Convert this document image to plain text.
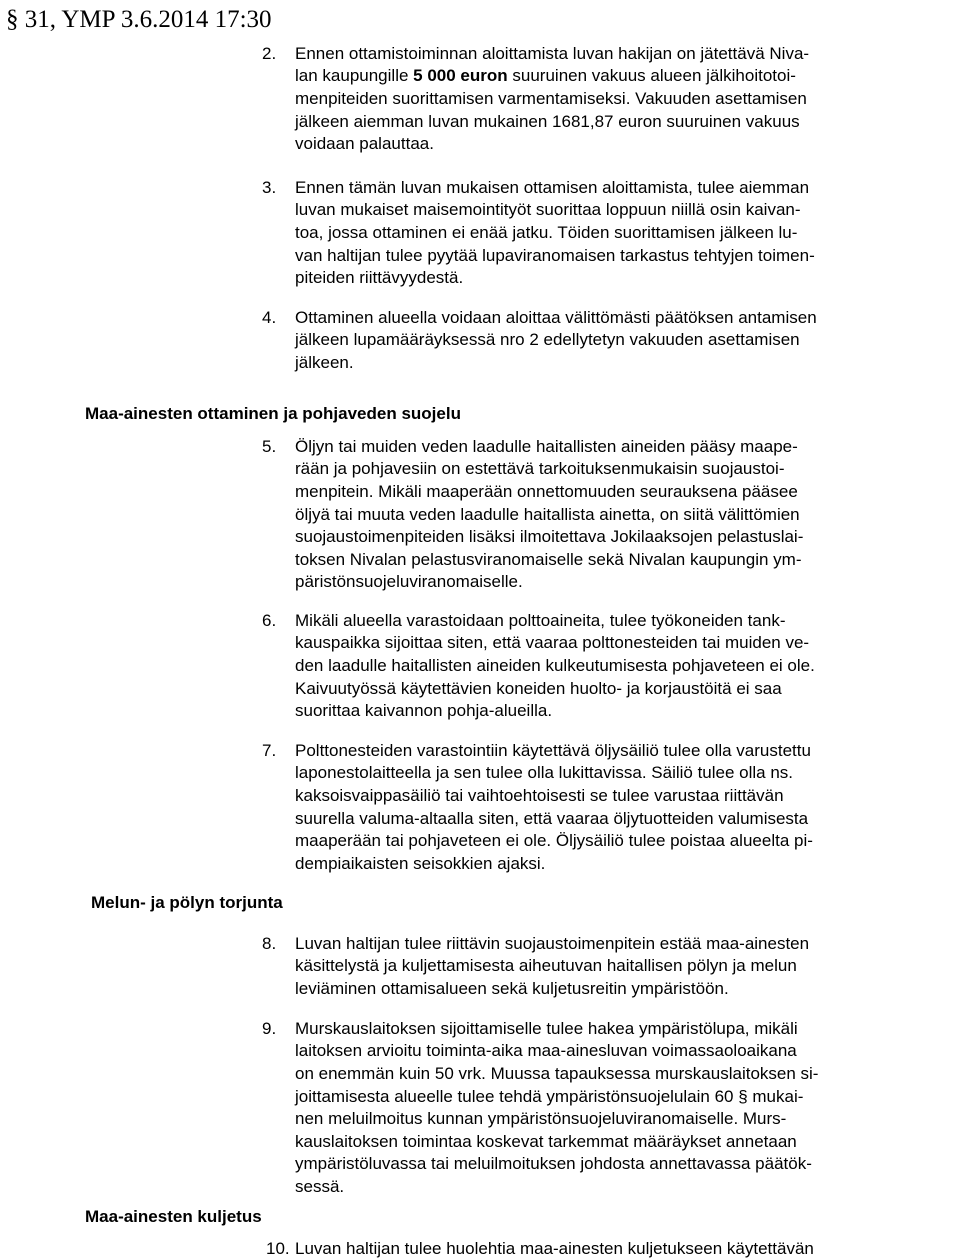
§ 31, YMP 3.6.2014 17:30
2. Ennen ottamistoiminnan aloittamista luvan hakijan on jätettävä Niva-
lan kaupungille 5 000 euron suuruinen vakuus alueen jälkihoitotoi-
menpiteiden suorittamisen varmentamiseksi. Vakuuden asettamisen
jälkeen aiemman luvan mukainen 1681,87 euron suuruinen vakuus
voidaan palauttaa.
3. Ennen tämän luvan mukaisen ottamisen aloittamista, tulee aiemman
luvan mukaiset maisemointityöt suorittaa loppuun niillä osin kaivan-
toa, jossa ottaminen ei enää jatku. Töiden suorittamisen jälkeen lu-
van haltijan tulee pyytää lupaviranomaisen tarkastus tehtyjen toimen-
piteiden riittävyydestä.
4. Ottaminen alueella voidaan aloittaa välittömästi päätöksen antamisen
jälkeen lupamääräyksessä nro 2 edellytetyn vakuuden asettamisen
jälkeen.
Maa-ainesten ottaminen ja pohjaveden suojelu
5. Öljyn tai muiden veden laadulle haitallisten aineiden pääsy maape-
rään ja pohjavesiin on estettävä tarkoituksenmukaisin suojaustoi-
menpitein. Mikäli maaperään onnettomuuden seurauksena pääsee
öljyä tai muuta veden laadulle haitallista ainetta, on siitä välittömien
suojaustoimenpiteiden lisäksi ilmoitettava Jokilaaksojen pelastuslai-
toksen Nivalan pelastusviranomaiselle sekä Nivalan kaupungin ym-
päristönsuojeluviranomaiselle.
6. Mikäli alueella varastoidaan polttoaineita, tulee työkoneiden tank-
kauspaikka sijoittaa siten, että vaaraa polttonesteiden tai muiden ve-
den laadulle haitallisten aineiden kulkeutumisesta pohjaveteen ei ole.
Kaivuutyössä käytettävien koneiden huolto- ja korjaustöitä ei saa
suorittaa kaivannon pohja-alueilla.
7. Polttonesteiden varastointiin käytettävä öljysäiliö tulee olla varustettu
laponestolaitteella ja sen tulee olla lukittavissa. Säiliö tulee olla ns.
kaksoisvaippasäiliö tai vaihtoehtoisesti se tulee varustaa riittävän
suurella valuma-altaalla siten, että vaaraa öljytuotteiden valumisesta
maaperään tai pohjaveteen ei ole. Öljysäiliö tulee poistaa alueelta pi-
dempiaikaisten seisokkien ajaksi.
Melun- ja pölyn torjunta
8. Luvan haltijan tulee riittävin suojaustoimenpitein estää maa-ainesten
käsittelystä ja kuljettamisesta aiheutuvan haitallisen pölyn ja melun
leviäminen ottamisalueen sekä kuljetusreitin ympäristöön.
9. Murskauslaitoksen sijoittamiselle tulee hakea ympäristölupa, mikäli
laitoksen arvioitu toiminta-aika maa-ainesluvan voimassaoloaikana
on enemmän kuin 50 vrk. Muussa tapauksessa murskauslaitoksen si-
joittamisesta alueelle tulee tehdä ympäristönsuojelulain 60 § mukai-
nen meluilmoitus kunnan ympäristönsuojeluviranomaiselle. Murs-
kauslaitoksen toimintaa koskevat tarkemmat määräykset annetaan
ympäristöluvassa tai meluilmoituksen johdosta annettavassa päätök-
sessä.
Maa-ainesten kuljetus
10. Luvan haltijan tulee huolehtia maa-ainesten kuljetukseen käytettävän
